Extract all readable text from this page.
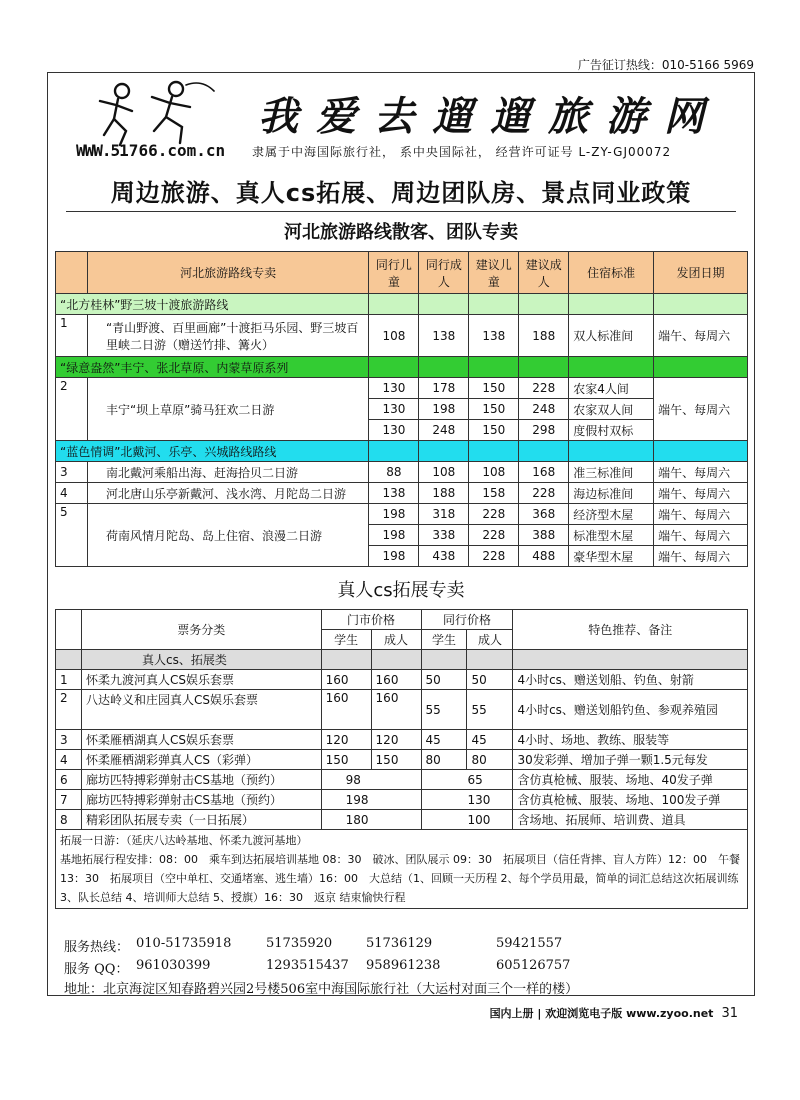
广告征订热线：010-5166 5969
WWW.51766.com.cn
我爱去遛遛旅游网
隶属于中海国际旅行社， 系中央国际社， 经营许可证号 L-ZY-GJ00072
周边旅游、真人cs拓展、周边团队房、景点同业政策
河北旅游路线散客、团队专卖
	河北旅游路线专卖	同行儿童	同行成人	建议儿童	建议成人	住宿标准	发团日期
“北方桂林”野三坡十渡旅游路线							
1	“青山野渡、百里画廊”十渡拒马乐园、野三坡百里峡二日游（赠送竹排、篝火）	108	138	138	188	双人标准间	端午、每周六
“绿意盎然”丰宁、张北草原、内蒙草原系列							
2	丰宁“坝上草原”骑马狂欢二日游	130	178	150	228	农家4人间	端午、每周六
		130	198	150	248	农家双人间	
		130	248	150	298	度假村双标	
“蓝色情调”北戴河、乐亭、兴城路线路线							
3	南北戴河乘船出海、赶海拾贝二日游	88	108	108	168	准三标准间	端午、每周六
4	河北唐山乐亭新戴河、浅水湾、月陀岛二日游	138	188	158	228	海边标准间	端午、每周六
5	荷南风情月陀岛、岛上住宿、浪漫二日游	198	318	228	368	经济型木屋	端午、每周六
		198	338	228	388	标准型木屋	端午、每周六
		198	438	228	488	豪华型木屋	端午、每周六
真人cs拓展专卖
	票务分类	门市价格		同行价格		特色推荐、备注
		学生	成人	学生	成人	
	真人cs、拓展类					
1	怀柔九渡河真人CS娱乐套票	160	160	50	50	4小时cs、赠送划船、钓鱼、射箭
2	八达岭义和庄园真人CS娱乐套票	160	160	55	55	4小时cs、赠送划船钓鱼、参观养殖园
3	怀柔雁栖湖真人CS娱乐套票	120	120	45	45	4小时、场地、教练、服装等
4	怀柔雁栖湖彩弹真人CS（彩弹）	150	150	80	80	30发彩弹、增加子弹一颗1.5元每发
6	廊坊匹特搏彩弹射击CS基地（预约）	98		65		含仿真枪械、服装、场地、40发子弹
7	廊坊匹特搏彩弹射击CS基地（预约）	198		130		含仿真枪械、服装、场地、100发子弹
8	精彩团队拓展专卖（一日拓展）	180		100		含场地、拓展师、培训费、道具

拓展一日游：（延庆八达岭基地、怀柔九渡河基地）
基地拓展行程安排：08：00　乘车到达拓展培训基地 08：30　破冰、团队展示 09：30　拓展项目（信任背摔、盲人方阵）12：00　午餐 13：30　拓展项目（空中单杠、交通堵塞、逃生墙）16：00　大总结（1、回顾一天历程 2、每个学员用最，简单的词汇总结这次拓展训练 3、队长总结 4、培训师大总结 5、授旗）16：30　返京 结束愉快行程						
服务热线： 010-51735918	51735920	51736129	59421557
服务 QQ： 961030399	1293515437 958961238	605126757
地址：北京海淀区知春路碧兴园2号楼506室中海国际旅行社（大运村对面三个一样的楼）
国内上册 | 欢迎浏览电子版 www.zyoo.net 31
